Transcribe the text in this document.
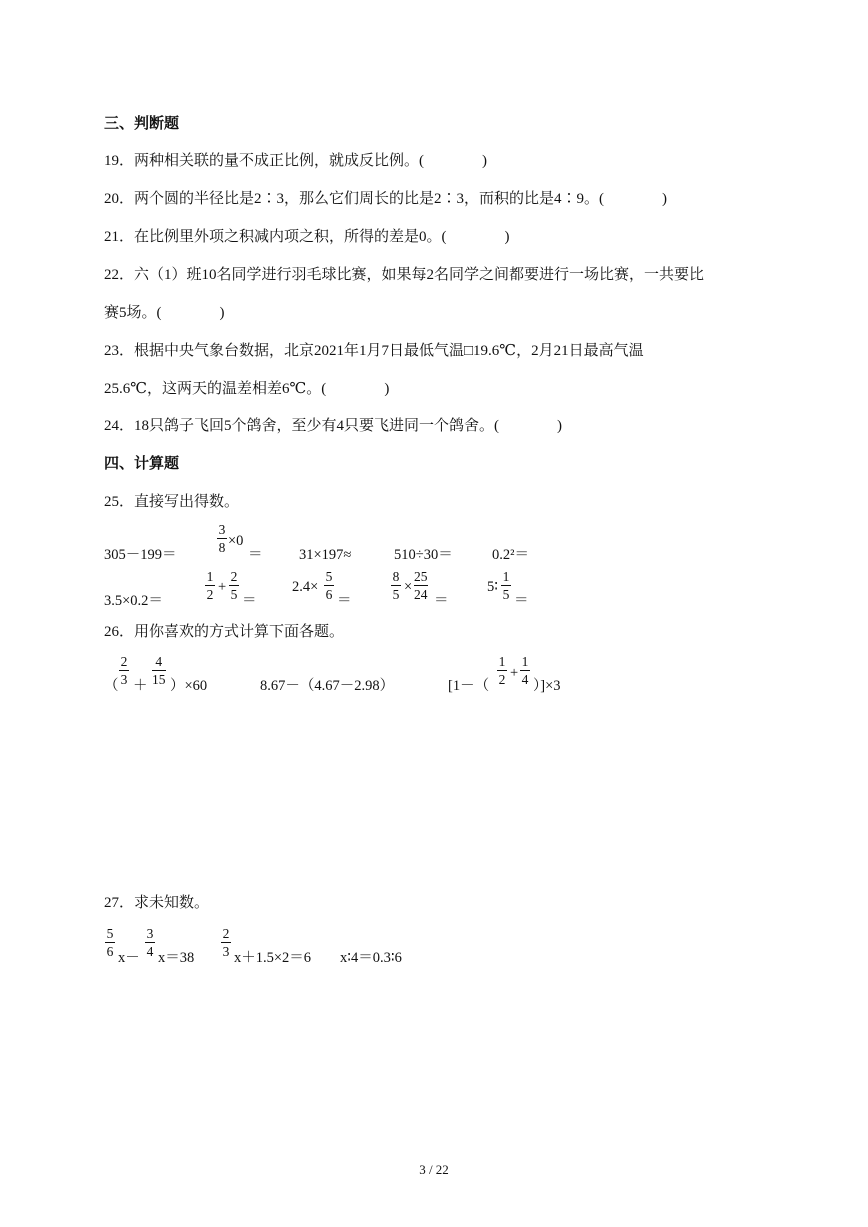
三、判断题
19．两种相关联的量不成正比例，就成反比例。(	)
20．两个圆的半径比是2∶3，那么它们周长的比是2∶3，而积的比是4∶9。(	)
21．在比例里外项之积减内项之积，所得的差是0。(	)
22．六（1）班10名同学进行羽毛球比赛，如果每2名同学之间都要进行一场比赛，一共要比
赛5场。(	)
23．根据中央气象台数据，北京2021年1月7日最低气温□19.6℃，2月21日最高气温
25.6℃，这两天的温差相差6℃。(	)
24．18只鸽子飞回5个鸽舍，至少有4只要飞进同一个鸽舍。(	)
四、计算题
25．直接写出得数。
305－199＝
3
8 ×0
＝	31×197≈	510÷30＝	0.2²＝
3.5×0.2＝
1
2 +
2
5 ＝
2.4×
5
6 ＝
8
5 ×
25
24 ＝
5∶
1
5 ＝
26．用你喜欢的方式计算下面各题。
（
2
3 ＋
4
15 ）×60	8.67－（4.67－2.98）	[1－（
1
2 +
1
4 ）]×3
27．求未知数。
5
6 x－
3
4 x＝38
2
3 x＋1.5×2＝6 x∶4＝0.3∶6
3 / 22
